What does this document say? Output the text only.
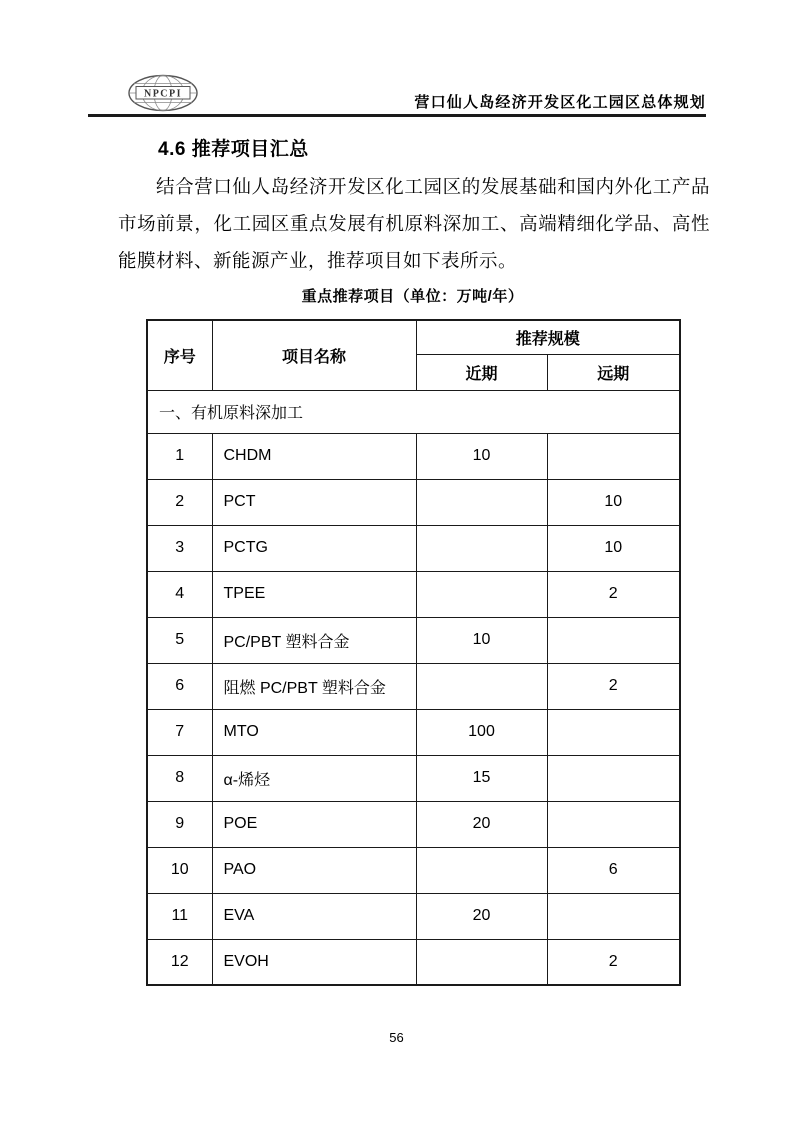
NPCPI
营口仙人岛经济开发区化工园区总体规划
4.6 推荐项目汇总

结合营口仙人岛经济开发区化工园区的发展基础和国内外化工产品市场前景，化工园区重点发展有机原料深加工、高端精细化学品、高性能膜材料、新能源产业，推荐项目如下表所示。

重点推荐项目（单位：万吨/年）
序号	项目名称	推荐规模	
		近期	远期
一、有机原料深加工			
1	CHDM	10	
2	PCT		10
3	PCTG		10
4	TPEE		2
5	PC/PBT 塑料合金	10	
6	阻燃 PC/PBT 塑料合金		2
7	MTO	100	
8	α-烯烃	15	
9	POE	20	
10	PAO		6
11	EVA	20	
12	EVOH		2
56
